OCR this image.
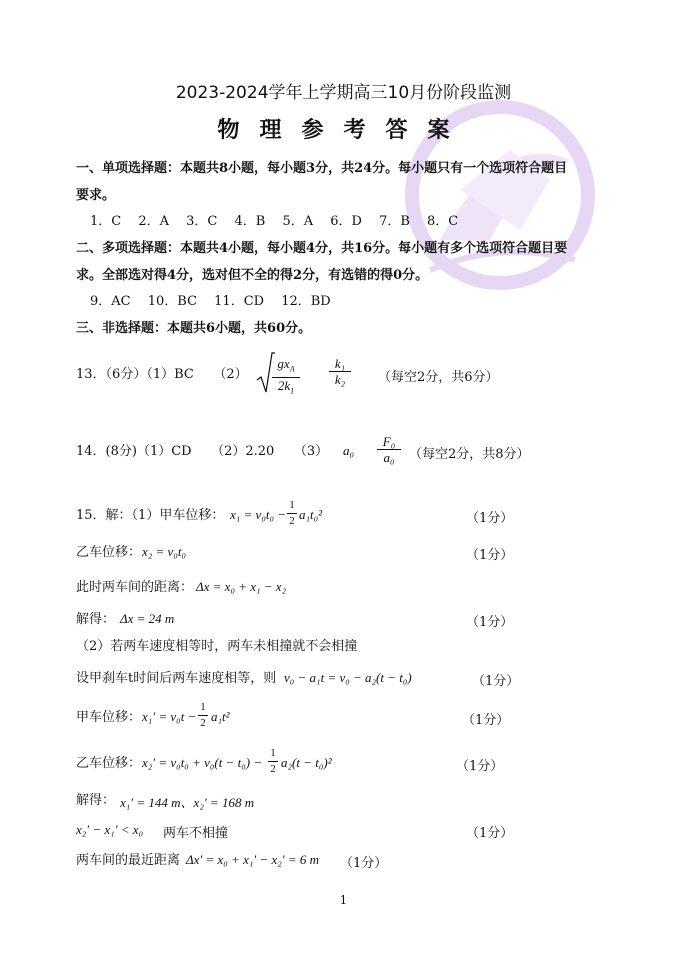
2023-2024学年上学期高三10月份阶段监测
物理参考答案
一、单项选择题：本题共8小题，每小题3分，共24分。每小题只有一个选项符合题目
要求。
1．C　 2．A　 3．C　 4．B　 5．A　 6．D　 7．B　 8．C
二、多项选择题：本题共4小题，每小题4分，共16分。每小题有多个选项符合题目要
求。全部选对得4分，选对但不全的得2分，有选错的得0分。
9．AC　 10．BC　 11．CD　 12．BD
三、非选择题：本题共6小题，共60分。
13．（6分）（1）BC　　（2）
$gx_A$
$2k_1$
$\frac{\text{k₁}}{\text{k₂}}$ （每空2分，共6分）
14．(8分)（1）CD　　（2）2.20　　（3） $a_0 \frac{\text{F₀}}{\text{a₀}}$ （每空2分，共8分）
15．解：（1）甲车位移： $x_1 = v_0t_0 - \frac{1}{2} a_1t_0^2$	（1分）
乙车位移： x₂ = v₀t₀	（1分）
此时两车间的距离： Δx = x₀ + x₁ − x₂
解得： Δx = 24 m	（1分）
（2）若两车速度相等时，两车未相撞就不会相撞
设甲刹车t时间后两车速度相等，则 v₀ − a₁t = v₀ − a₂(t − t₀)	（1分）
甲车位移： $x_1' = v_0t - \frac{1}{2} a_1t^2$	（1分）
乙车位移： $x_2' = v_0t_0 + v_0(t - t_0) - \frac{1}{2} a_2(t - t_0)^2$	（1分）
解得： x₁′ = 144 m、x₂′ = 168 m
x₂′ − x₁′ < x₀ 　两车不相撞	（1分）
两车间的最近距离 Δx′ = x₀ + x₁′ − x₂′ = 6 m （1分）
1
